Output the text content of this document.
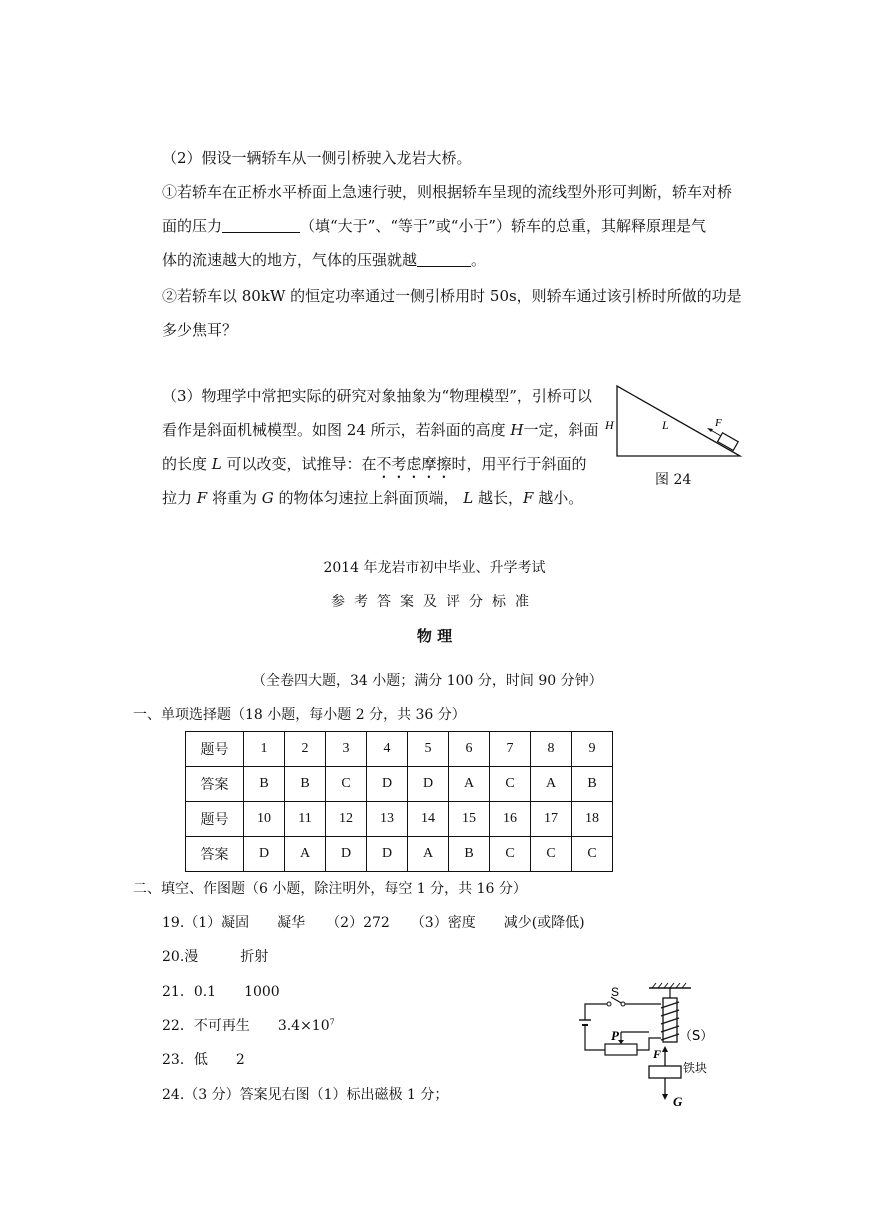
（2）假设一辆轿车从一侧引桥驶入龙岩大桥。
①若轿车在正桥水平桥面上急速行驶，则根据轿车呈现的流线型外形可判断，轿车对桥
面的压力	（填“大于”、“等于”或“小于”）轿车的总重，其解释原理是气
体的流速越大的地方，气体的压强就越	。
②若轿车以 80kW 的恒定功率通过一侧引桥用时 50s，则轿车通过该引桥时所做的功是
多少焦耳？
（3）物理学中常把实际的研究对象抽象为“物理模型”，引桥可以
看作是斜面机械模型。如图 24 所示，若斜面的高度 H一定，斜面
的长度 L 可以改变，试推导：在不考虑摩擦时，用平行于斜面的
拉力 F 将重为 G 的物体匀速拉上斜面顶端， L 越长，F 越小。
H	L	F
图 24
2014 年龙岩市初中毕业、升学考试
参考答案及评分标准
物 理
（全卷四大题，34 小题；满分 100 分，时间 90 分钟）
一、单项选择题（18 小题，每小题 2 分，共 36 分）
题号	1	2	3	4	5	6	7	8	9
答案	B	B	C	D	D	A	C	A	B
题号	10	11	12	13	14	15	16	17	18
答案	D	A	D	D	A	B	C	C	C
二、填空、作图题（6 小题，除注明外，每空 1 分，共 16 分）
19.（1）凝固　　凝华　　（2）272　　（3）密度　　减少(或降低)
20.漫　　　折射
21．0.1　　1000
22．不可再生　　$3.4\times 10^7$
23．低　　2
24.（3 分）答案见右图（1）标出磁极 1 分；
S
（S）
P
F
铁块
G
